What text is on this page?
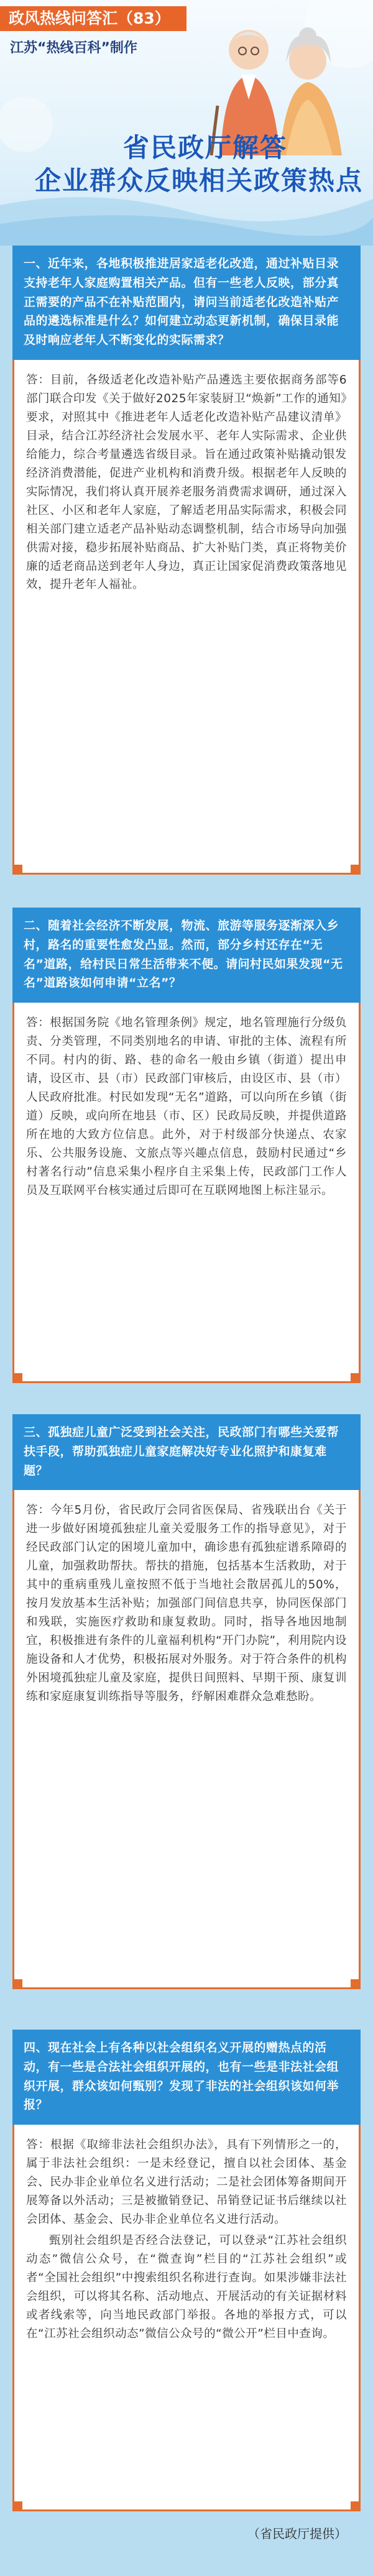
政风热线问答汇（83）
江苏“热线百科”制作
省民政厅解答
企业群众反映相关政策热点
一、近年来，各地积极推进居家适老化改造，通过补贴目录支持老年人家庭购置相关产品。但有一些老人反映，部分真正需要的产品不在补贴范围内，请问当前适老化改造补贴产品的遴选标准是什么？如何建立动态更新机制，确保目录能及时响应老年人不断变化的实际需求？

答：目前，各级适老化改造补贴产品遴选主要依据商务部等6部门联合印发《关于做好2025年家装厨卫“焕新”工作的通知》要求，对照其中《推进老年人适老化改造补贴产品建议清单》目录，结合江苏经济社会发展水平、老年人实际需求、企业供给能力，综合考量遴选省级目录。旨在通过政策补贴撬动银发经济消费潜能，促进产业机构和消费升级。根据老年人反映的实际情况，我们将认真开展养老服务消费需求调研，通过深入社区、小区和老年人家庭，了解适老用品实际需求，积极会同相关部门建立适老产品补贴动态调整机制，结合市场导向加强供需对接，稳步拓展补贴商品、扩大补贴门类，真正将物美价廉的适老商品送到老年人身边，真正让国家促消费政策落地见效，提升老年人福祉。

二、随着社会经济不断发展，物流、旅游等服务逐渐深入乡村，路名的重要性愈发凸显。然而，部分乡村还存在“无名”道路，给村民日常生活带来不便。请问村民如果发现“无名”道路该如何申请“立名”？

答：根据国务院《地名管理条例》规定，地名管理施行分级负责、分类管理，不同类别地名的申请、审批的主体、流程有所不同。村内的街、路、巷的命名一般由乡镇（街道）提出申请，设区市、县（市）民政部门审核后，由设区市、县（市）人民政府批准。村民如发现“无名”道路，可以向所在乡镇（街道）反映，或向所在地县（市、区）民政局反映，并提供道路所在地的大致方位信息。此外，对于村级部分快递点、农家乐、公共服务设施、文旅点等兴趣点信息，鼓励村民通过“乡村著名行动”信息采集小程序自主采集上传，民政部门工作人员及互联网平台核实通过后即可在互联网地图上标注显示。

三、孤独症儿童广泛受到社会关注，民政部门有哪些关爱帮扶手段，帮助孤独症儿童家庭解决好专业化照护和康复难题？

答：今年5月份，省民政厅会同省医保局、省残联出台《关于进一步做好困境孤独症儿童关爱服务工作的指导意见》，对于经民政部门认定的困境儿童加中，确诊患有孤独症谱系障碍的儿童，加强救助帮扶。帮扶的措施，包括基本生活救助，对于其中的重病重残儿童按照不低于当地社会散居孤儿的50%，按月发放基本生活补贴；加强部门间信息共享，协同医保部门和残联，实施医疗救助和康复救助。同时，指导各地因地制宜，积极推进有条件的儿童福利机构“开门办院”，利用院内设施设备和人才优势，积极拓展对外服务。对于符合条件的机构外困境孤独症儿童及家庭，提供日间照料、早期干预、康复训练和家庭康复训练指导等服务，纾解困难群众急难愁盼。

四、现在社会上有各种以社会组织名义开展的赠热点的活动，有一些是合法社会组织开展的，也有一些是非法社会组织开展，群众该如何甄别？发现了非法的社会组织该如何举报？

答：根据《取缔非法社会组织办法》，具有下列情形之一的，属于非法社会组织：一是未经登记，擅自以社会团体、基金会、民办非企业单位名义进行活动；二是社会团体筹备期间开展筹备以外活动；三是被撤销登记、吊销登记证书后继续以社会团体、基金会、民办非企业单位名义进行活动。

甄别社会组织是否经合法登记，可以登录“江苏社会组织动态”微信公众号，在“微查询”栏目的“江苏社会组织”或者“全国社会组织”中搜索组织名称进行查询。如果涉嫌非法社会组织，可以将其名称、活动地点、开展活动的有关证据材料或者线索等，向当地民政部门举报。各地的举报方式，可以在“江苏社会组织动态”微信公众号的“微公开”栏目中查询。

（省民政厅提供）
